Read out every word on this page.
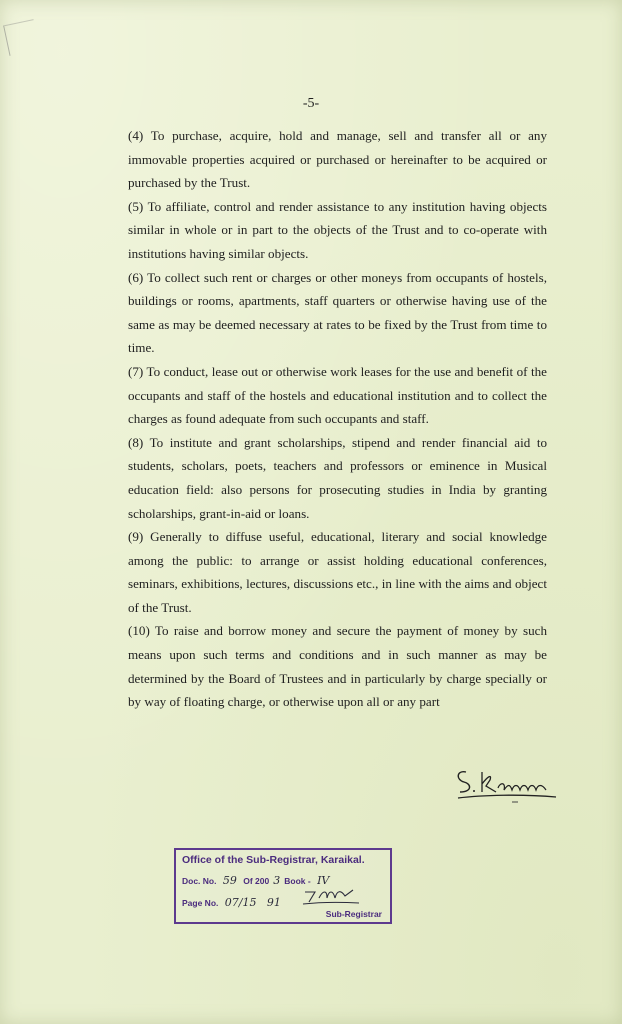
-5-

(4) To purchase, acquire, hold and manage, sell and transfer all or any immovable properties acquired or purchased or hereinafter to be acquired or purchased by the Trust.

(5) To affiliate, control and render assistance to any institution having objects similar in whole or in part to the objects of the Trust and to co-operate with institutions having similar objects.

(6) To collect such rent or charges or other moneys from occupants of hostels, buildings or rooms, apartments, staff quarters or otherwise having use of the same as may be deemed necessary at rates to be fixed by the Trust from time to time.

(7) To conduct, lease out or otherwise work leases for the use and benefit of the occupants and staff of the hostels and educational institution and to collect the charges as found adequate from such occupants and staff.

(8) To institute and grant scholarships, stipend and render financial aid to students, scholars, poets, teachers and professors or eminence in Musical education field: also persons for prosecuting studies in India by granting scholarships, grant-in-aid or loans.

(9) Generally to diffuse useful, educational, literary and social knowledge among the public: to arrange or assist holding educational conferences, seminars, exhibitions, lectures, discussions etc., in line with the aims and object of the Trust.

(10) To raise and borrow money and secure the payment of money by such means upon such terms and conditions and in such manner as may be determined by the Board of Trustees and in particularly by charge specially or by way of floating charge, or otherwise upon all or any part

Office of the Sub-Registrar, Karaikal.
Doc. No. 59 Of 200 3 Book - IV
Page No. 07/15 91
Sub-Registrar
